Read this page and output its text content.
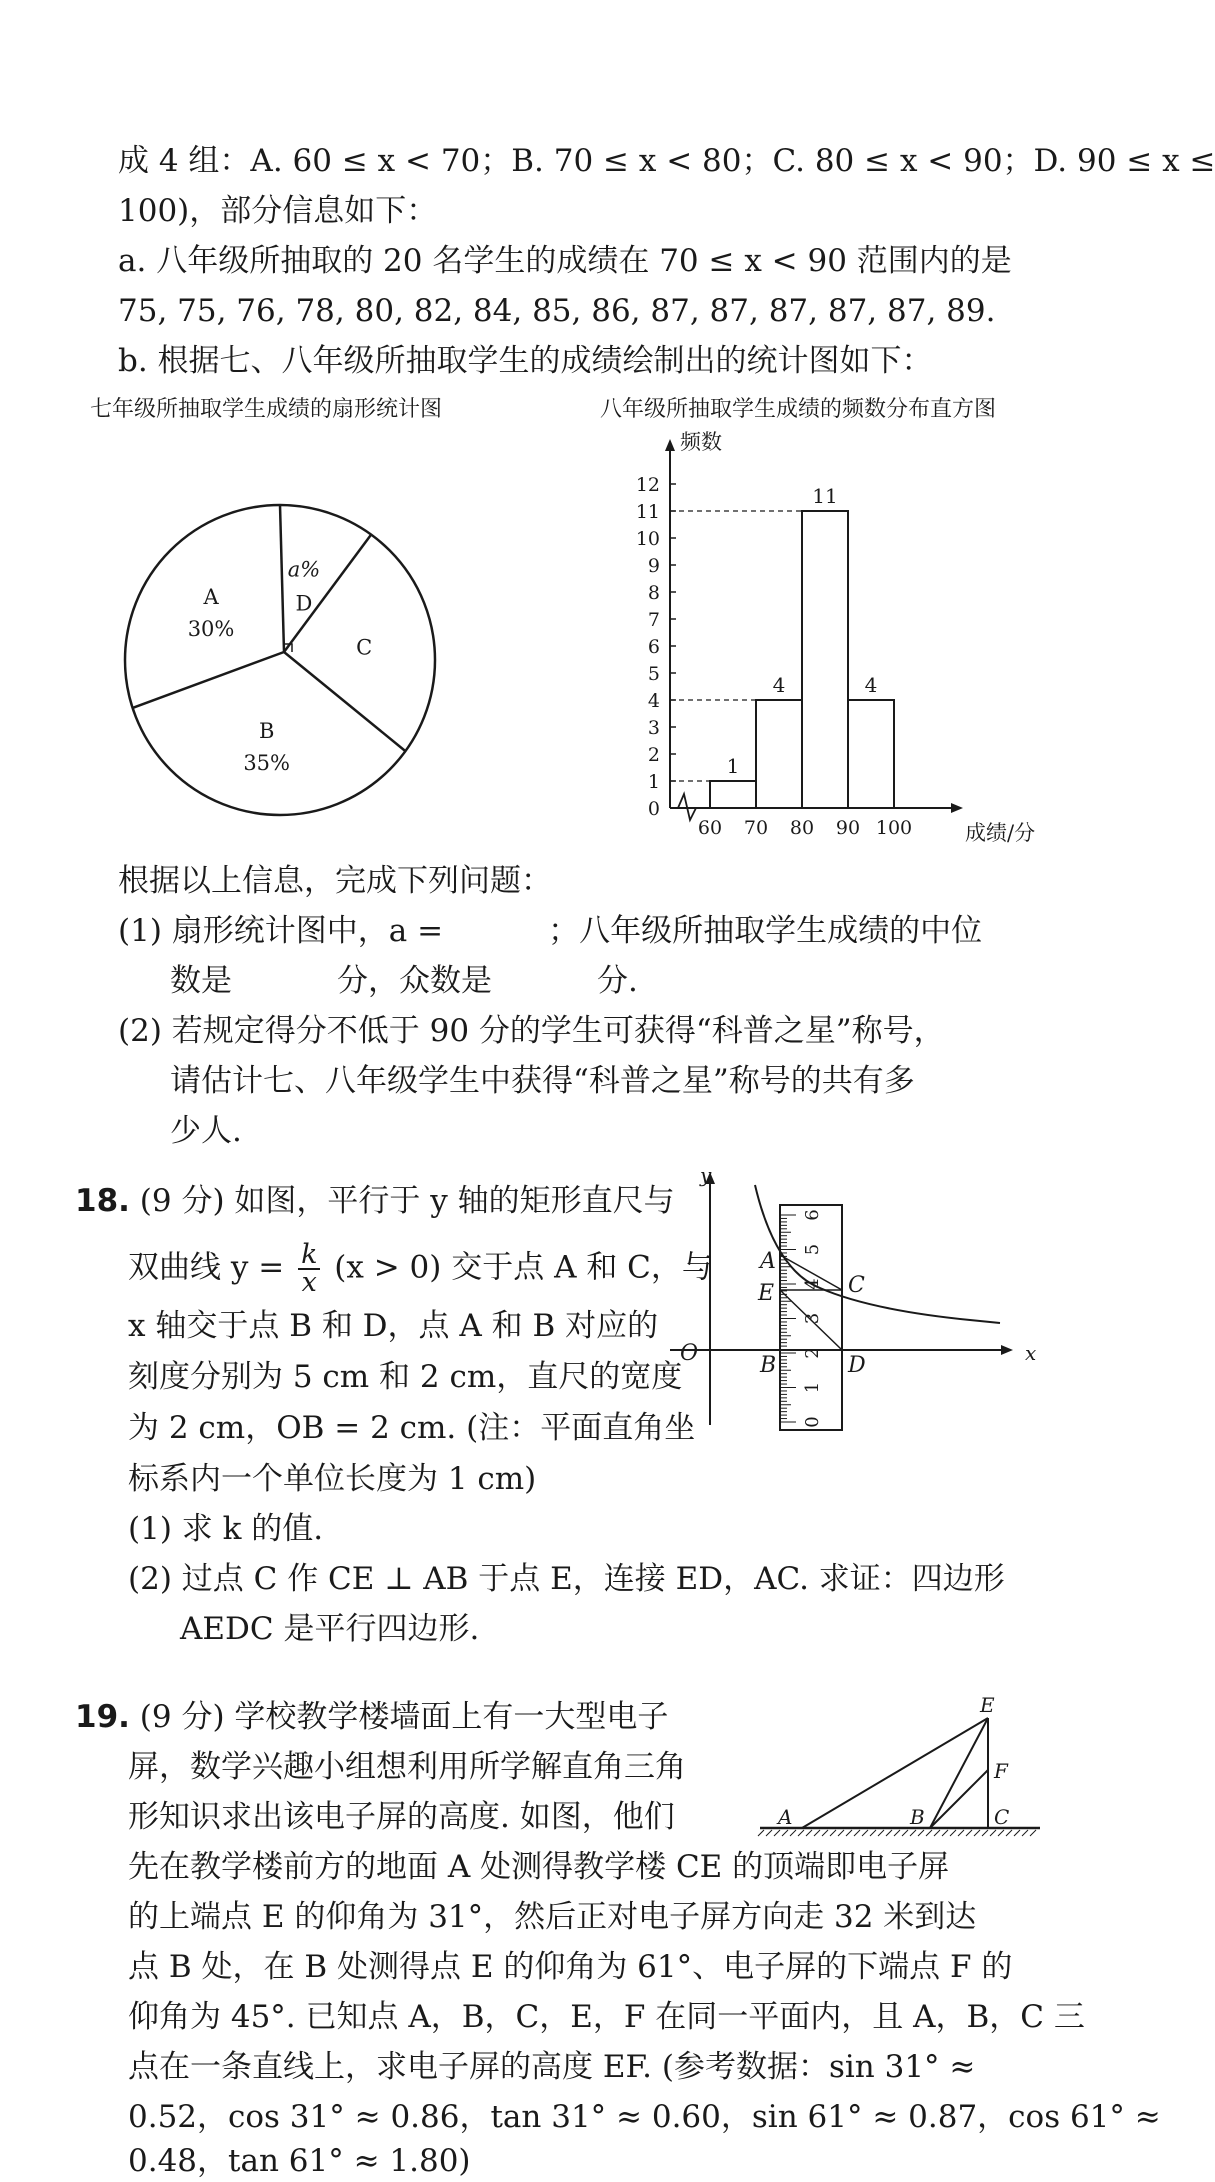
成 4 组：A. 60 ≤ x < 70；B. 70 ≤ x < 80；C. 80 ≤ x < 90；D. 90 ≤ x ≤
100)，部分信息如下：
a. 八年级所抽取的 20 名学生的成绩在 70 ≤ x < 90 范围内的是
75, 75, 76, 78, 80, 82, 84, 85, 86, 87, 87, 87, 87, 87, 89.
b. 根据七、八年级所抽取学生的成绩绘制出的统计图如下：
七年级所抽取学生成绩的扇形统计图	八年级所抽取学生成绩的频数分布直方图
D
a%
C
B
35%
A
30%
频数
成绩/分
0
1
2
3
4
5
6
7
8
9
10
11
12
60 70 80 90 100
1
4
11
4
根据以上信息，完成下列问题：
(1) 扇形统计图中，a =	；八年级所抽取学生成绩的中位
数是	分，众数是	分.
(2) 若规定得分不低于 90 分的学生可获得“科普之星”称号，
请估计七、八年级学生中获得“科普之星”称号的共有多
少人.
18. (9 分) 如图，平行于 y 轴的矩形直尺与
双曲线 $y = \frac{k}{x} (x > 0)$ 交于点 A 和 C，与
x 轴交于点 B 和 D，点 A 和 B 对应的
刻度分别为 5 cm 和 2 cm，直尺的宽度
为 2 cm，OB = 2 cm. (注：平面直角坐
标系内一个单位长度为 1 cm)
(1) 求 k 的值.
(2) 过点 C 作 CE ⊥ AB 于点 E，连接 ED，AC. 求证：四边形
AEDC 是平行四边形.
0
1
2
3
4
5
6
O
y
x
A
E
B
C
D
19. (9 分) 学校教学楼墙面上有一大型电子
屏，数学兴趣小组想利用所学解直角三角
形知识求出该电子屏的高度. 如图，他们
先在教学楼前方的地面 A 处测得教学楼 CE 的顶端即电子屏
的上端点 E 的仰角为 31°，然后正对电子屏方向走 32 米到达
点 B 处，在 B 处测得点 E 的仰角为 61°、电子屏的下端点 F 的
仰角为 45°. 已知点 A，B，C，E，F 在同一平面内，且 A，B，C 三
点在一条直线上，求电子屏的高度 EF. (参考数据：sin 31° ≈
0.52，cos 31° ≈ 0.86，tan 31° ≈ 0.60，sin 61° ≈ 0.87，cos 61° ≈
0.48，tan 61° ≈ 1.80)
E
F
A	B	C
